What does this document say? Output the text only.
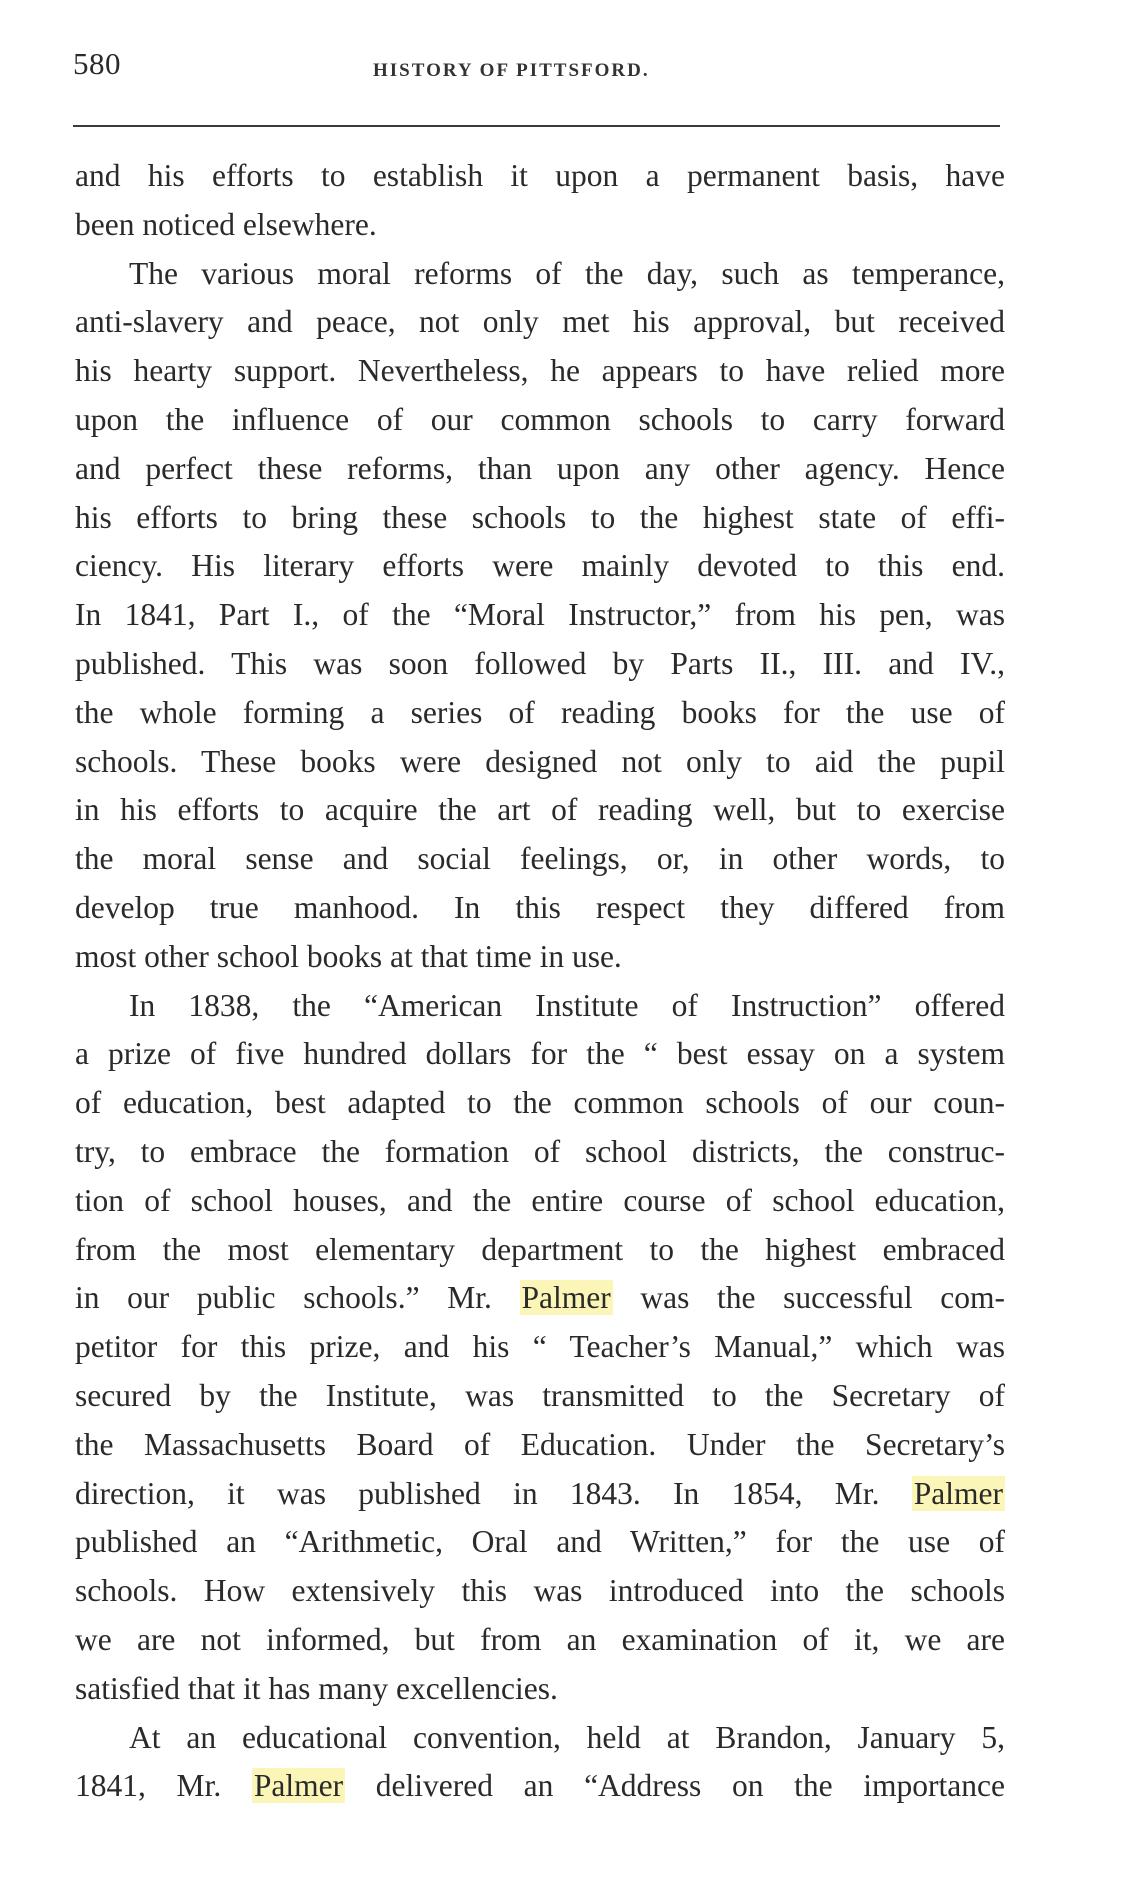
580	HISTORY OF PITTSFORD.
and his efforts to establish it upon a permanent basis, have
been noticed elsewhere.
The various moral reforms of the day, such as temperance,
anti-slavery and peace, not only met his approval, but received
his hearty support. Nevertheless, he appears to have relied more
upon the influence of our common schools to carry forward
and perfect these reforms, than upon any other agency. Hence
his efforts to bring these schools to the highest state of effi-
ciency. His literary efforts were mainly devoted to this end.
In 1841, Part I., of the “Moral Instructor,” from his pen, was
published. This was soon followed by Parts II., III. and IV.,
the whole forming a series of reading books for the use of
schools. These books were designed not only to aid the pupil
in his efforts to acquire the art of reading well, but to exercise
the moral sense and social feelings, or, in other words, to
develop true manhood. In this respect they differed from
most other school books at that time in use.
In 1838, the “American Institute of Instruction” offered
a prize of five hundred dollars for the “ best essay on a system
of education, best adapted to the common schools of our coun-
try, to embrace the formation of school districts, the construc-
tion of school houses, and the entire course of school education,
from the most elementary department to the highest embraced
in our public schools.” Mr. Palmer was the successful com-
petitor for this prize, and his “ Teacher’s Manual,” which was
secured by the Institute, was transmitted to the Secretary of
the Massachusetts Board of Education. Under the Secretary’s
direction, it was published in 1843. In 1854, Mr. Palmer
published an “Arithmetic, Oral and Written,” for the use of
schools. How extensively this was introduced into the schools
we are not informed, but from an examination of it, we are
satisfied that it has many excellencies.
At an educational convention, held at Brandon, January 5,
1841, Mr. Palmer delivered an “Address on the importance
